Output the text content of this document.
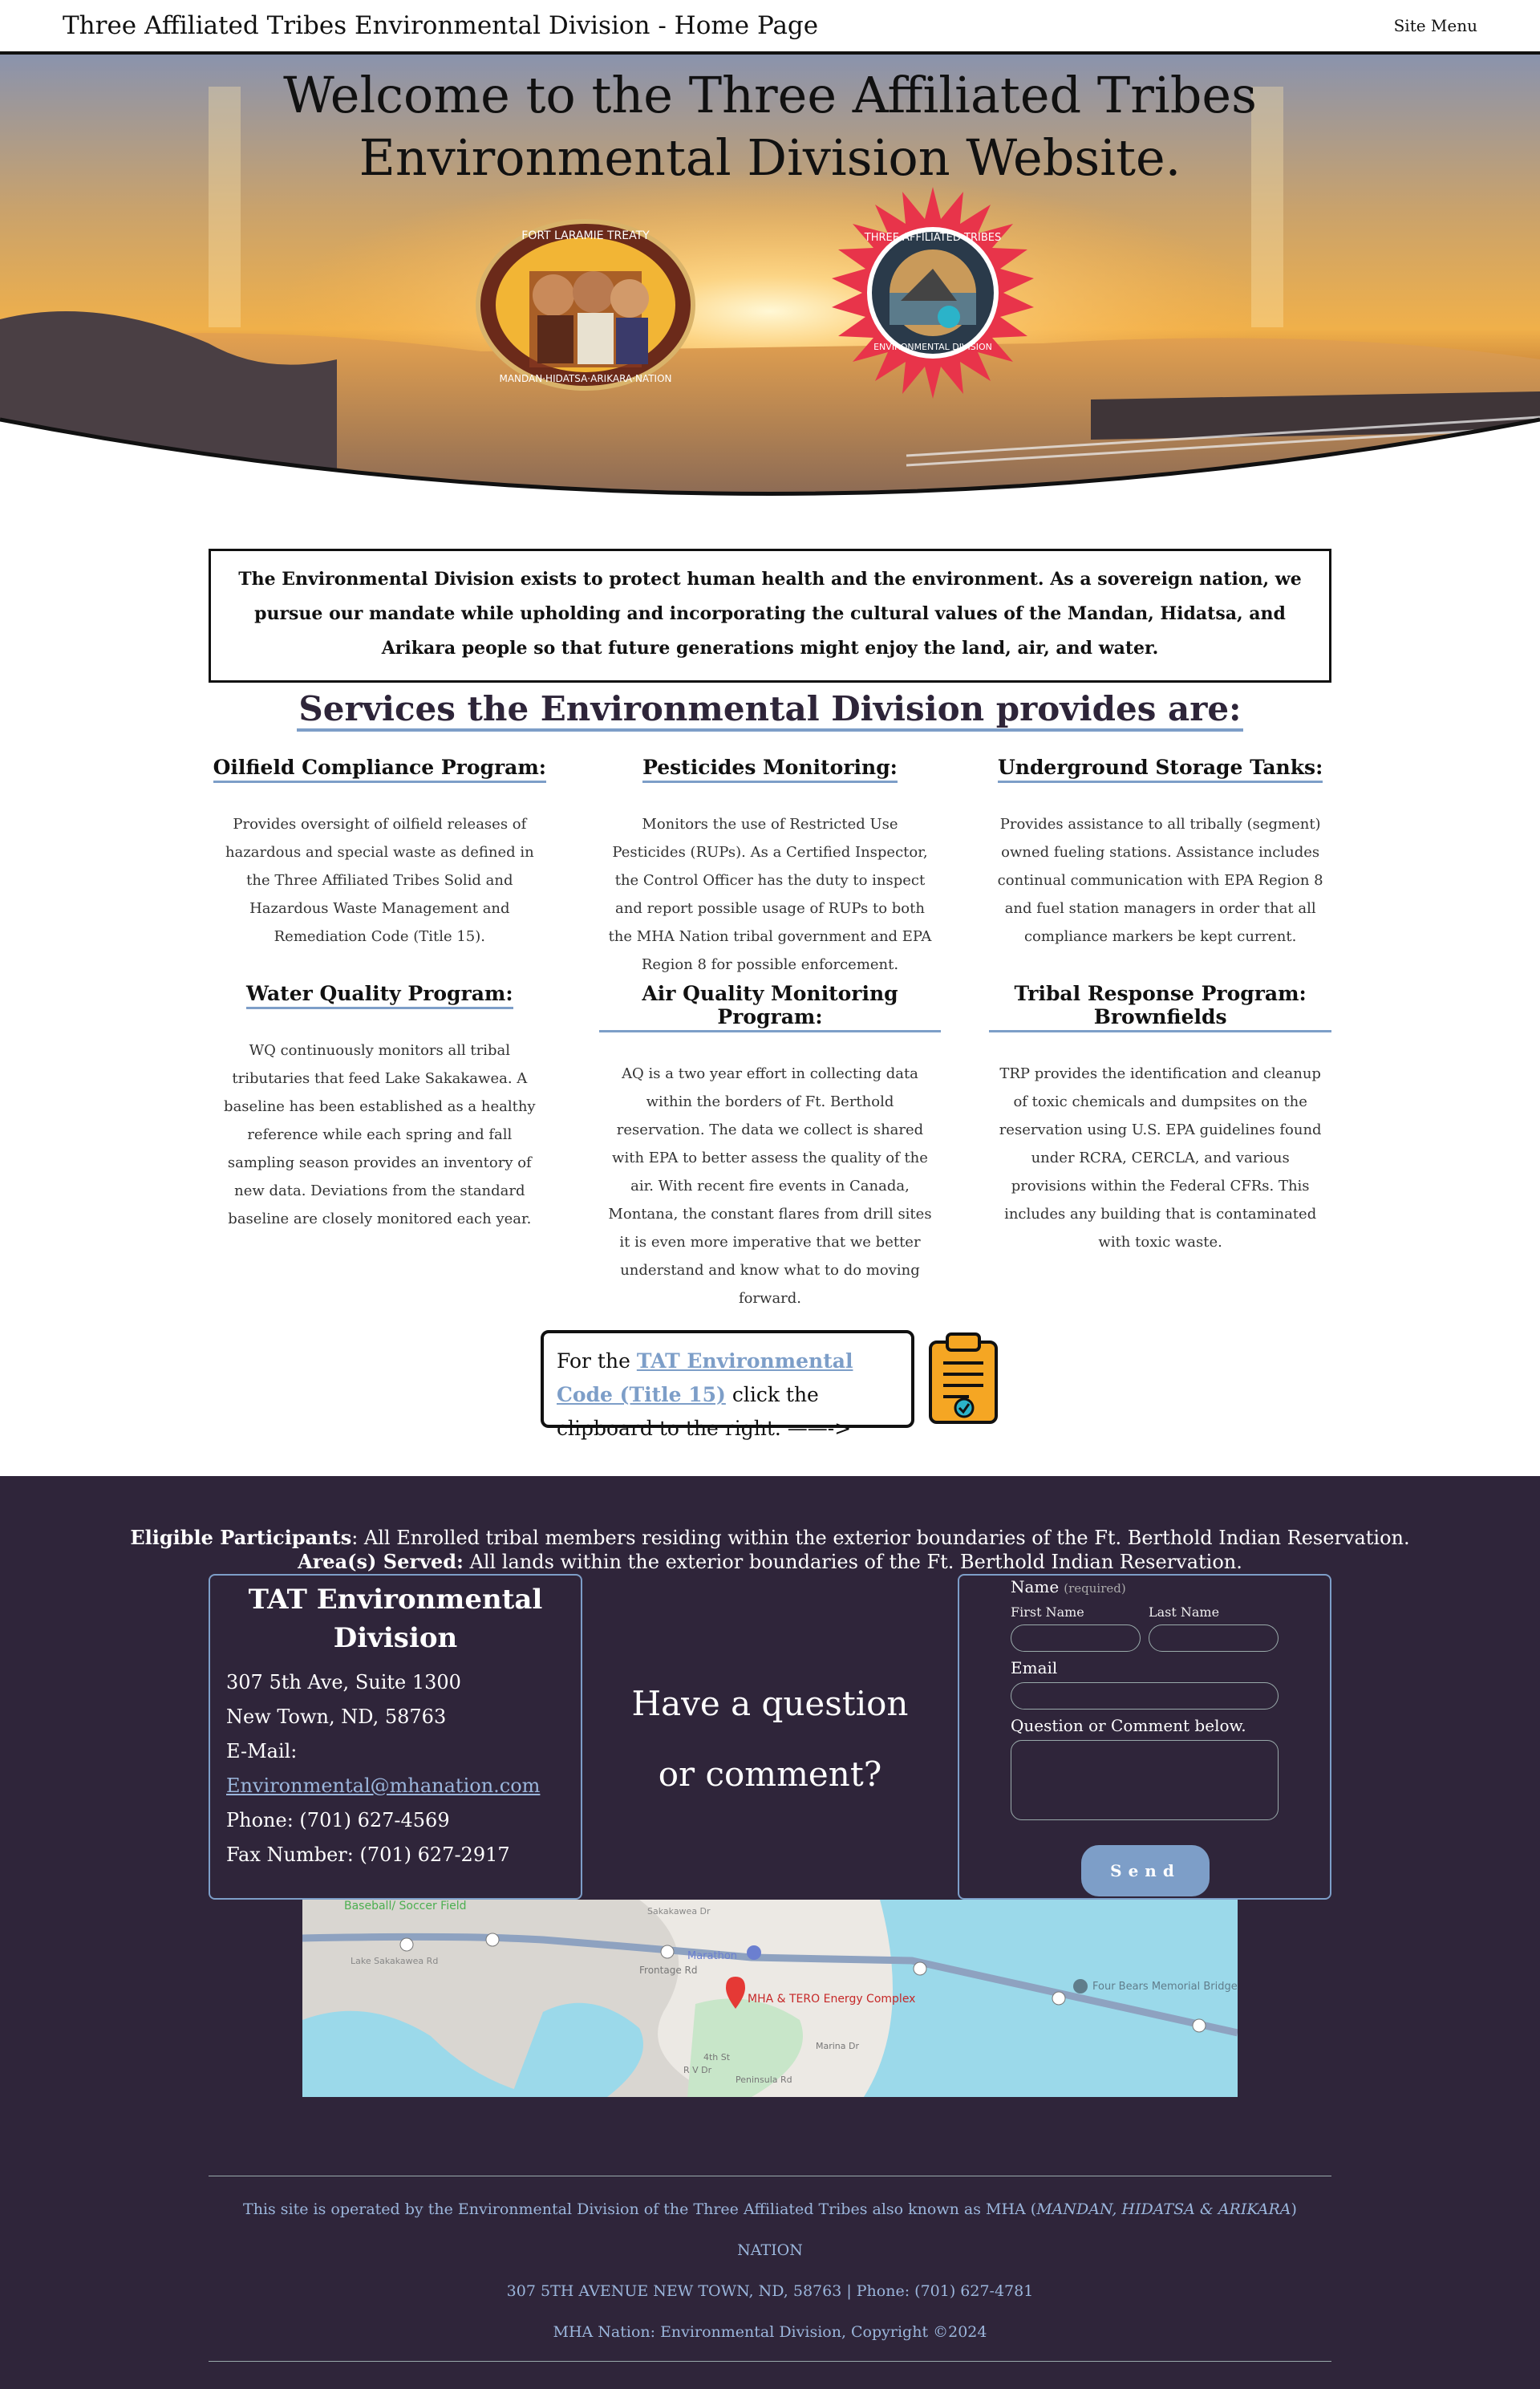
Three Affiliated Tribes Environmental Division - Home Page	Site Menu
Welcome to the Three Affiliated Tribes
Environmental Division Website.
FORT LARAMIE TREATY
MANDAN·HIDATSA·ARIKARA·NATION
THREE AFFILIATED TRIBES
ENVIRONMENTAL DIVISION
The Environmental Division exists to protect human health and the environment. As a sovereign nation, we pursue our mandate while upholding and incorporating the cultural values of the Mandan, Hidatsa, and Arikara people so that future generations might enjoy the land, air, and water.
Services the Environmental Division provides are:
Oilfield Compliance Program:

Provides oversight of oilfield releases of hazardous and special waste as defined in the Three Affiliated Tribes Solid and Hazardous Waste Management and Remediation Code (Title 15).

Pesticides Monitoring:

Monitors the use of Restricted Use Pesticides (RUPs). As a Certified Inspector, the Control Officer has the duty to inspect and report possible usage of RUPs to both the MHA Nation tribal government and EPA Region 8 for possible enforcement.

Underground Storage Tanks:

Provides assistance to all tribally (segment) owned fueling stations. Assistance includes continual communication with EPA Region 8 and fuel station managers in order that all compliance markers be kept current.

Water Quality Program:

WQ continuously monitors all tribal tributaries that feed Lake Sakakawea. A baseline has been established as a healthy reference while each spring and fall sampling season provides an inventory of new data. Deviations from the standard baseline are closely monitored each year.

Air Quality Monitoring Program:

AQ is a two year effort in collecting data within the borders of Ft. Berthold reservation. The data we collect is shared with EPA to better assess the quality of the air. With recent fire events in Canada, Montana, the constant flares from drill sites it is even more imperative that we better understand and know what to do moving forward.

Tribal Response Program: Brownfields

TRP provides the identification and cleanup of toxic chemicals and dumpsites on the reservation using U.S. EPA guidelines found under RCRA, CERCLA, and various provisions within the Federal CFRs. This includes any building that is contaminated with toxic waste.

For the TAT Environmental Code (Title 15) click the clipboard to the right. ——->
Eligible Participants: All Enrolled tribal members residing within the exterior boundaries of the Ft. Berthold Indian Reservation.
Area(s) Served: All lands within the exterior boundaries of the Ft. Berthold Indian Reservation.
TAT Environmental Division
307 5th Ave, Suite 1300
New Town, ND, 58763
E-Mail: Environmental@mhanation.com
Phone: (701) 627-4569
Fax Number: (701) 627-2917
Have a question
or comment?
Name (required)
First Name	Last Name
Email
Question or Comment below.
Send
Baseball/ Soccer Field	Sakakawea Dr
Lake Sakakawea Rd
Frontage Rd
Marathon
MHA & TERO Energy Complex
4th St
R V Dr
Peninsula Rd
Marina Dr
Four Bears Memorial Bridge
This site is operated by the Environmental Division of the Three Affiliated Tribes also known as MHA (MANDAN, HIDATSA & ARIKARA) NATION
307 5TH AVENUE NEW TOWN, ND, 58763 | Phone: (701) 627-4781
MHA Nation: Environmental Division, Copyright ©2024
